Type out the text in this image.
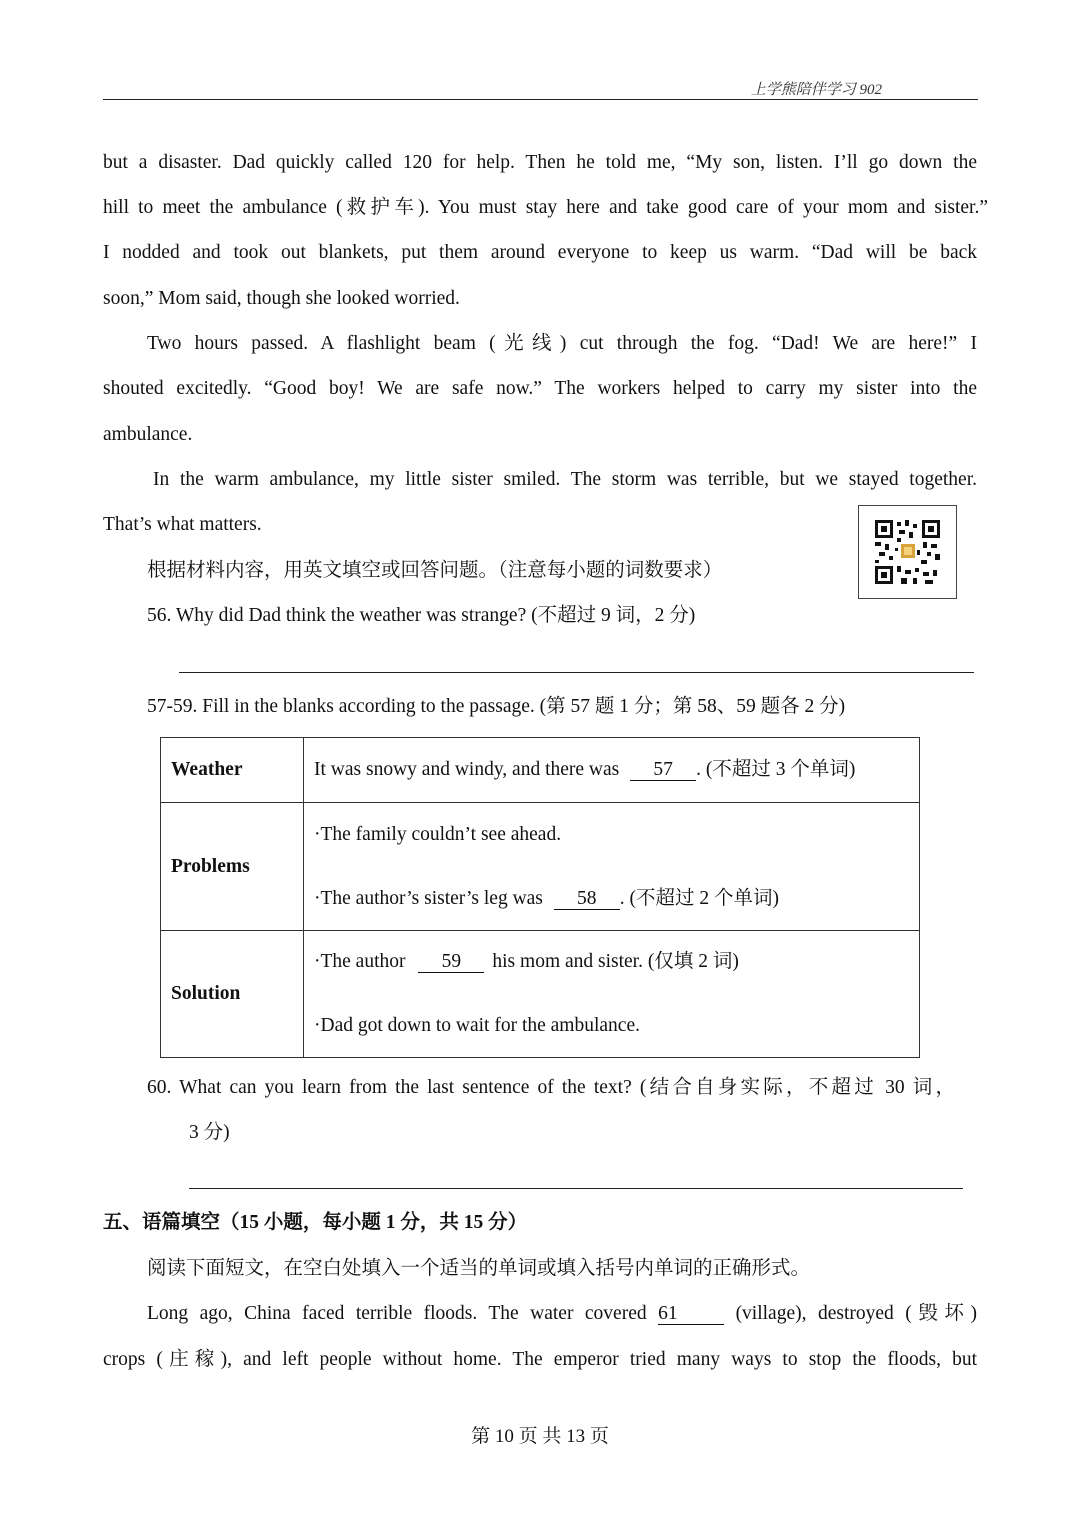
上学熊陪伴学习 902
but a disaster. Dad quickly called 120 for help. Then he told me, “My son, listen. I’ll go down the
hill to meet the ambulance (救护车). You must stay here and take good care of your mom and sister.”
I nodded and took out blankets, put them around everyone to keep us warm. “Dad will be back
soon,” Mom said, though she looked worried.
Two hours passed. A flashlight beam (光线) cut through the fog. “Dad! We are here!” I
shouted excitedly. “Good boy! We are safe now.” The workers helped to carry my sister into the
ambulance.
In the warm ambulance, my little sister smiled. The storm was terrible, but we stayed together.
That’s what matters.
根据材料内容，用英文填空或回答问题。（注意每小题的词数要求）
56. Why did Dad think the weather was strange? (不超过 9 词，2 分)
57-59. Fill in the blanks according to the passage. (第 57 题 1 分；第 58、59 题各 2 分)
Weather	It was snowy and windy, and there was 57 . (不超过 3 个单词)

Problems	·The family couldn’t see ahead.
·The author’s sister’s leg was 58 . (不超过 2 个单词)

Solution	·The author 59 his mom and sister. (仅填 2 词)
·Dad got down to wait for the ambulance.
60. What can you learn from the last sentence of the text? (结合自身实际，不超过 30 词，
3 分)
五、语篇填空（15 小题，每小题 1 分，共 15 分）
阅读下面短文，在空白处填入一个适当的单词或填入括号内单词的正确形式。
Long ago, China faced terrible floods. The water covered 61	(village), destroyed (毁坏)
crops (庄稼), and left people without home. The emperor tried many ways to stop the floods, but
第 10 页 共 13 页
